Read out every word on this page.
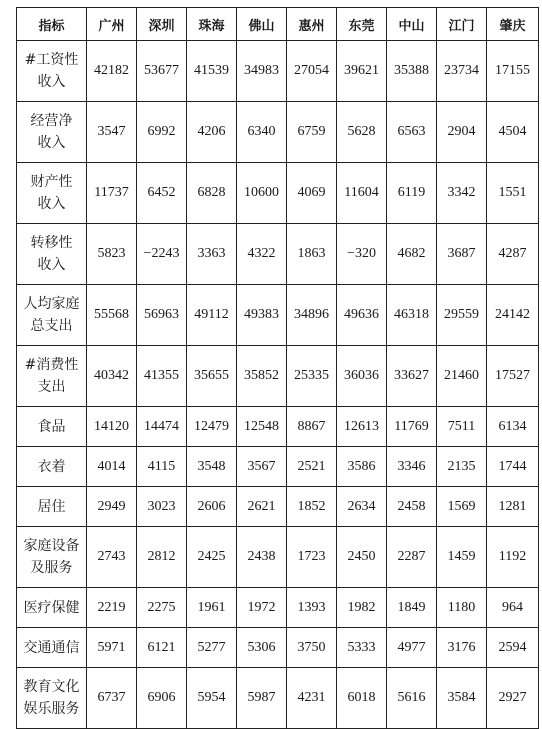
指标	广州	深圳	珠海	佛山	惠州	东莞	中山	江门	肇庆
#工资性
收入	42182	53677	41539	34983	27054	39621	35388	23734	17155
经营净
收入	3547	6992	4206	6340	6759	5628	6563	2904	4504
财产性
收入	11737	6452	6828	10600	4069	11604	6119	3342	1551
转移性
收入	5823	−2243	3363	4322	1863	−320	4682	3687	4287
人均家庭
总支出	55568	56963	49112	49383	34896	49636	46318	29559	24142
#消费性
支出	40342	41355	35655	35852	25335	36036	33627	21460	17527
食品	14120	14474	12479	12548	8867	12613	11769	7511	6134
衣着	4014	4115	3548	3567	2521	3586	3346	2135	1744
居住	2949	3023	2606	2621	1852	2634	2458	1569	1281
家庭设备
及服务	2743	2812	2425	2438	1723	2450	2287	1459	1192
医疗保健	2219	2275	1961	1972	1393	1982	1849	1180	964
交通通信	5971	6121	5277	5306	3750	5333	4977	3176	2594
教育文化
娱乐服务	6737	6906	5954	5987	4231	6018	5616	3584	2927
